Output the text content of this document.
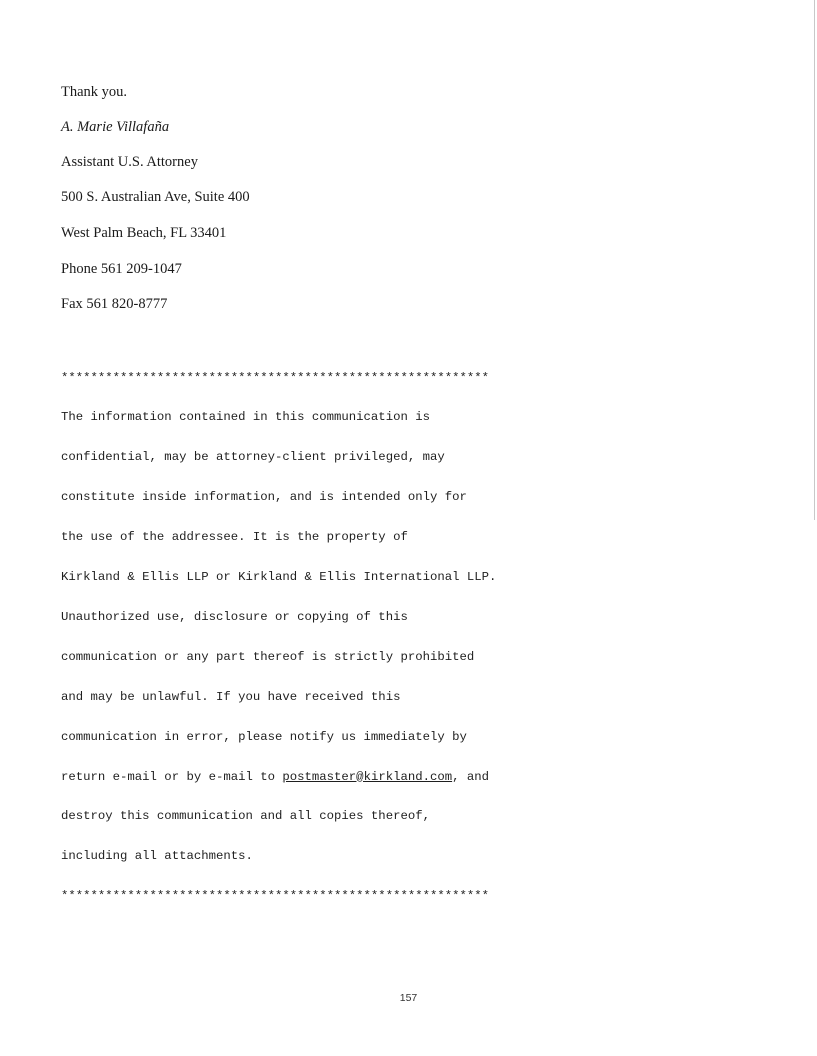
Thank you.
A. Marie Villafaña
Assistant U.S. Attorney
500 S. Australian Ave, Suite 400
West Palm Beach, FL 33401
Phone 561 209-1047
Fax 561 820-8777

**********************************************************

The information contained in this communication is

confidential, may be attorney-client privileged, may

constitute inside information, and is intended only for

the use of the addressee. It is the property of

Kirkland & Ellis LLP or Kirkland & Ellis International LLP.

Unauthorized use, disclosure or copying of this

communication or any part thereof is strictly prohibited

and may be unlawful. If you have received this

communication in error, please notify us immediately by

return e-mail or by e-mail to postmaster@kirkland.com, and

destroy this communication and all copies thereof,

including all attachments.

**********************************************************

157
